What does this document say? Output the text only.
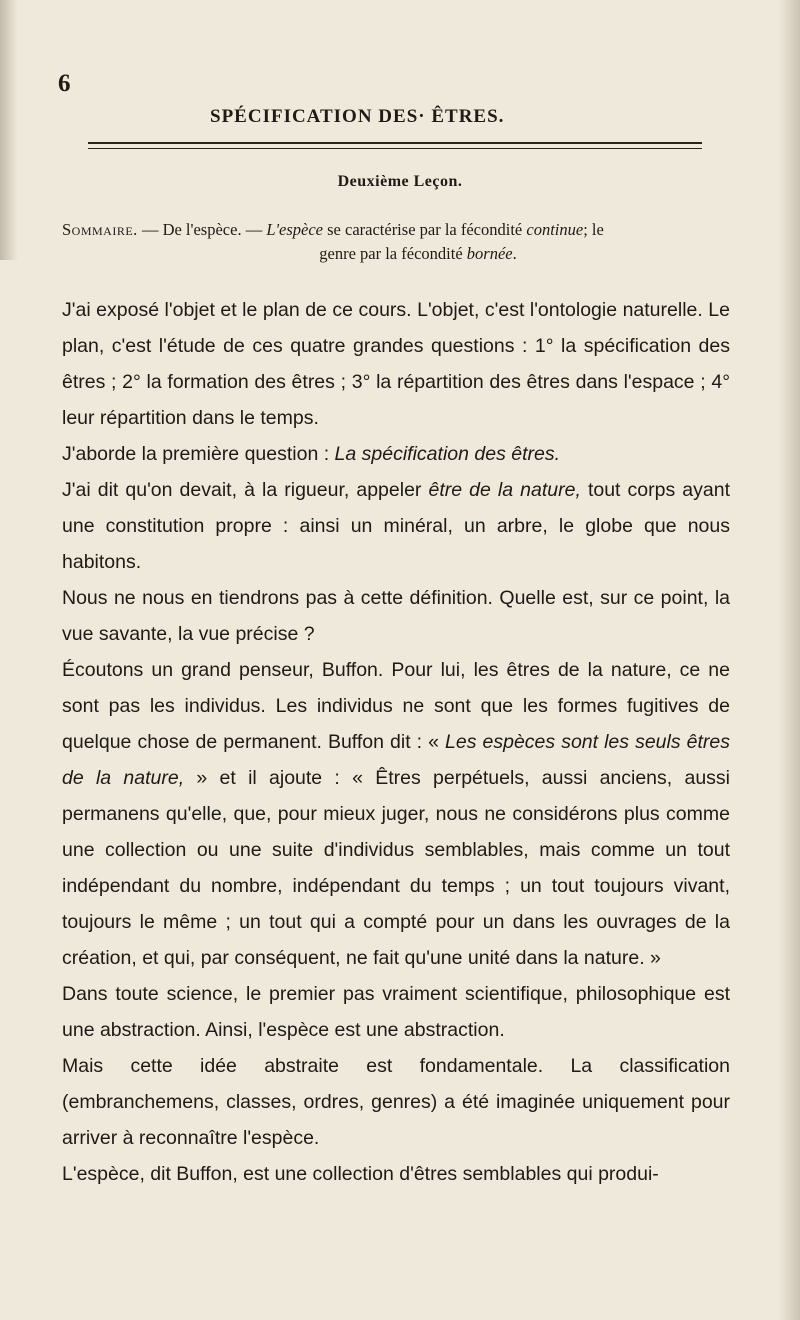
6
SPÉCIFICATION DES· ÊTRES.
Deuxième Leçon.
Sommaire. — De l'espèce. — L'espèce se caractérise par la fécondité continue; le
genre par la fécondité bornée.

J'ai exposé l'objet et le plan de ce cours. L'objet, c'est l'ontologie naturelle. Le plan, c'est l'étude de ces quatre grandes questions : 1° la spécification des êtres ; 2° la formation des êtres ; 3° la répartition des êtres dans l'espace ; 4° leur répartition dans le temps.

J'aborde la première question : La spécification des êtres.

J'ai dit qu'on devait, à la rigueur, appeler être de la nature, tout corps ayant une constitution propre : ainsi un minéral, un arbre, le globe que nous habitons.

Nous ne nous en tiendrons pas à cette définition. Quelle est, sur ce point, la vue savante, la vue précise ?

Écoutons un grand penseur, Buffon. Pour lui, les êtres de la nature, ce ne sont pas les individus. Les individus ne sont que les formes fugitives de quelque chose de permanent. Buffon dit : « Les espèces sont les seuls êtres de la nature, » et il ajoute : « Êtres perpétuels, aussi anciens, aussi permanens qu'elle, que, pour mieux juger, nous ne considérons plus comme une collection ou une suite d'individus semblables, mais comme un tout indépendant du nombre, indépendant du temps ; un tout toujours vivant, toujours le même ; un tout qui a compté pour un dans les ouvrages de la création, et qui, par conséquent, ne fait qu'une unité dans la nature. »

Dans toute science, le premier pas vraiment scientifique, philosophique est une abstraction. Ainsi, l'espèce est une abstraction.

Mais cette idée abstraite est fondamentale. La classification (embranchemens, classes, ordres, genres) a été imaginée uniquement pour arriver à reconnaître l'espèce.

L'espèce, dit Buffon, est une collection d'êtres semblables qui produi-
